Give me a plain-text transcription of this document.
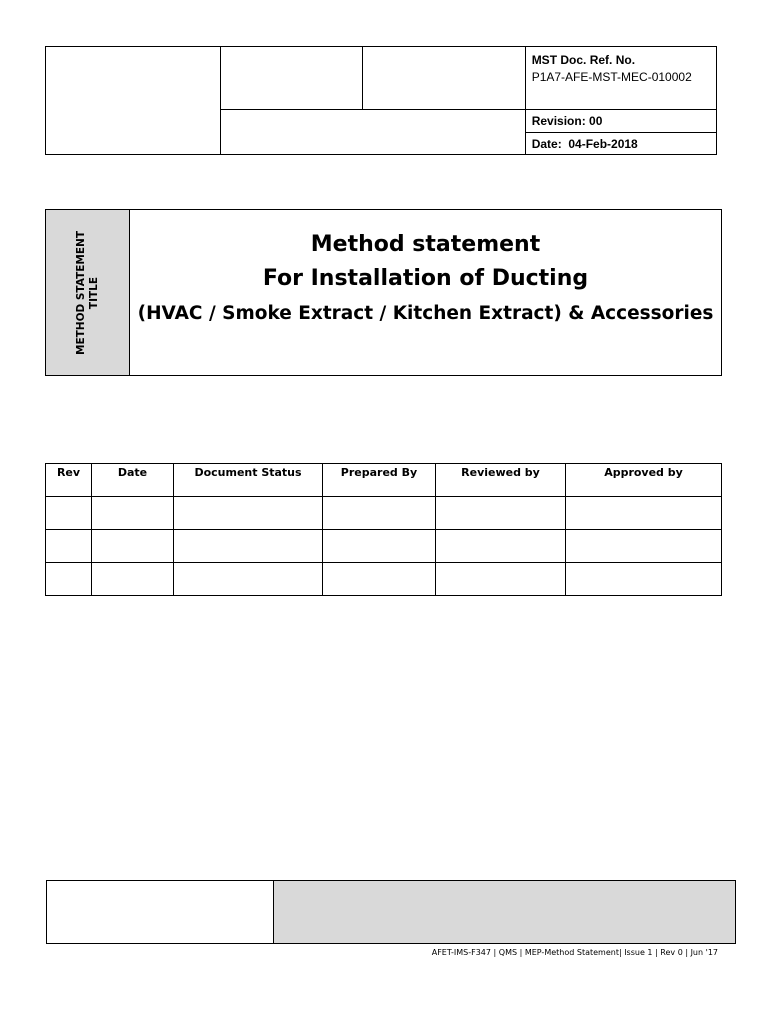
			MST Doc. Ref. No.
P1A7-AFE-MST-MEC-010002

			Revision: 00

			Date:  04-Feb-2018
METHOD STATEMENT TITLE
Method statement
For Installation of Ducting
(HVAC / Smoke Extract / Kitchen Extract) & Accessories
Rev	Date	Document Status	Prepared By	Reviewed by	Approved by

AFET-IMS-F347 | QMS | MEP-Method Statement| Issue 1 | Rev 0 | Jun '17
